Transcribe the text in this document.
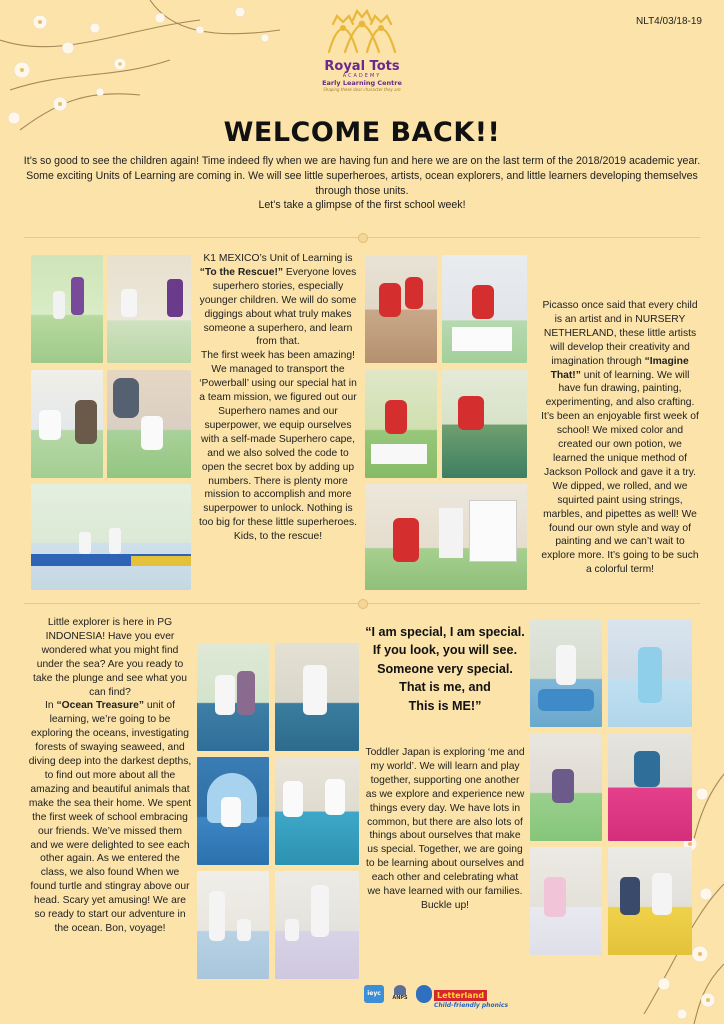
NLT4/03/18-19
Royal Tots
ACADEMY
Early Learning Centre
Shaping these dear character they are
WELCOME BACK!!
It’s so good to see the children again! Time indeed fly when we are having fun and here we are on the last term of the 2018/2019 academic year.
Some exciting Units of Learning are coming in. We will see little superheroes, artists, ocean explorers, and little learners developing themselves
through those units.
Let’s take a glimpse of the first school week!
K1 MEXICO’s Unit of Learning is “To the Rescue!” Everyone loves superhero stories, especially younger children. We will do some diggings about what truly makes someone a superhero, and learn from that.
The first week has been amazing! We managed to transport the ‘Powerball’ using our special hat in a team mission, we figured out our Superhero names and our superpower, we equip ourselves with a self-made Superhero cape, and we also solved the code to open the secret box by adding up numbers. There is plenty more mission to accomplish and more superpower to unlock. Nothing is too big for these little superheroes. Kids, to the rescue!
Picasso once said that every child is an artist and in NURSERY NETHERLAND, these little artists will develop their creativity and imagination through “Imagine That!” unit of learning. We will have fun drawing, painting, experimenting, and also crafting. It’s been an enjoyable first week of school! We mixed color and created our own potion, we learned the unique method of Jackson Pollock and gave it a try. We dipped, we rolled, and we squirted paint using strings, marbles, and pipettes as well! We found our own style and way of painting and we can’t wait to explore more. It’s going to be such a colorful term!
Little explorer is here in PG INDONESIA! Have you ever wondered what you might find under the sea? Are you ready to take the plunge and see what you can find?
In “Ocean Treasure” unit of learning, we’re going to be exploring the oceans, investigating forests of swaying seaweed, and diving deep into the darkest depths, to find out more about all the amazing and beautiful animals that make the sea their home. We spent the first week of school embracing our friends. We’ve missed them and we were delighted to see each other again. As we entered the class, we also found When we found turtle and stingray above our head. Scary yet amusing! We are so ready to start our adventure in the ocean. Bon, voyage!
“I am special, I am special.
If you look, you will see.
Someone very special.
That is me, and
This is ME!”
Toddler Japan is exploring ‘me and my world’. We will learn and play together, supporting one another as we explore and experience new things every day. We have lots in common, but there are also lots of things about ourselves that make us special. Together, we are going to be learning about ourselves and each other and celebrating what we have learned with our families. Buckle up!
ieyc
ANPS	Letterland
Child-friendly phonics
